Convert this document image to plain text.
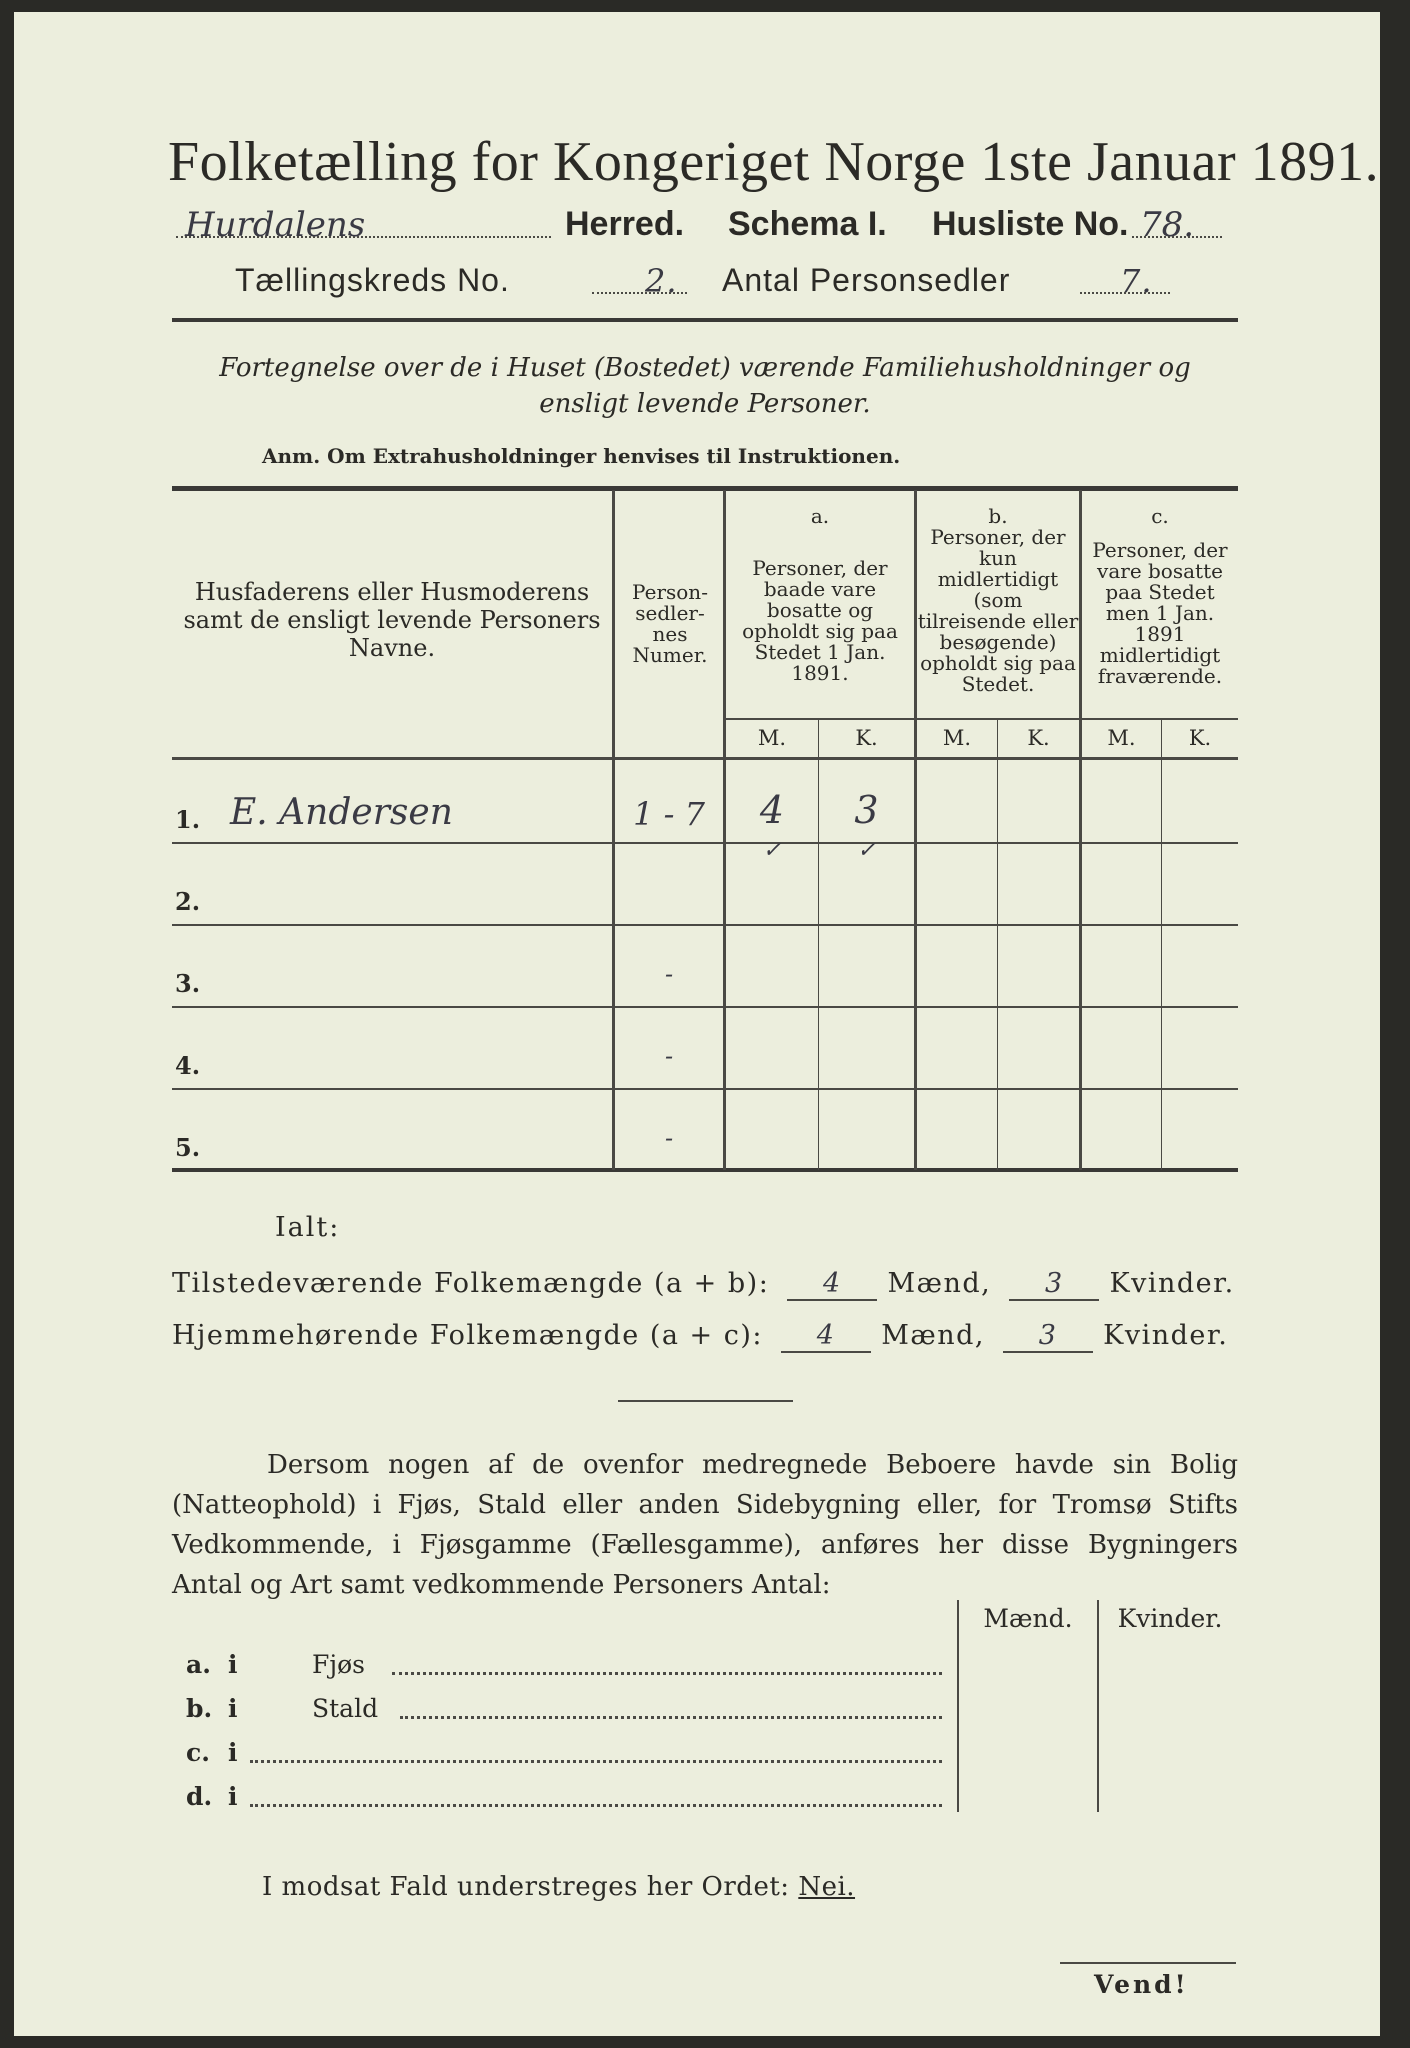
Folketælling for Kongeriget Norge 1ste Januar 1891.
Hurdalens	Herred. Schema I. Husliste No. 78.
Tællingskreds No.	2. Antal Personsedler	7.
Fortegnelse over de i Huset (Bostedet) værende Familiehusholdninger og ensligt levende Personer.
Anm. Om Extrahusholdninger henvises til Instruktionen.
Husfaderens eller Husmoderens samt de ensligt levende Personers Navne.
Person-sedler-nes Numer.
a.
Personer, der baade vare bosatte og opholdt sig paa Stedet 1 Jan. 1891.
b.
Personer, der kun midlertidigt (som tilreisende eller besøgende) opholdt sig paa Stedet.
c.
Personer, der vare bosatte paa Stedet men 1 Jan. 1891 midlertidigt fraværende.
M.	K.	M.	K.	M.	K.
1. E. Andersen	1 - 7	4	3
✓	✓
2.
3.	-
4.	-
5.	-
Ialt:
Tilstedeværende Folkemængde (a + b): 4 Mænd, 3 Kvinder.
Hjemmehørende Folkemængde (a + c): 4 Mænd, 3 Kvinder.
Dersom nogen af de ovenfor medregnede Beboere havde sin Bolig (Natteophold) i Fjøs, Stald eller anden Sidebygning eller, for Tromsø Stifts Vedkommende, i Fjøsgamme (Fællesgamme), anføres her disse Bygningers Antal og Art samt vedkommende Personers Antal:
Mænd.	Kvinder.
a. i	Fjøs
b. i	Stald
c. i
d. i
I modsat Fald understreges her Ordet: Nei.
Vend!
